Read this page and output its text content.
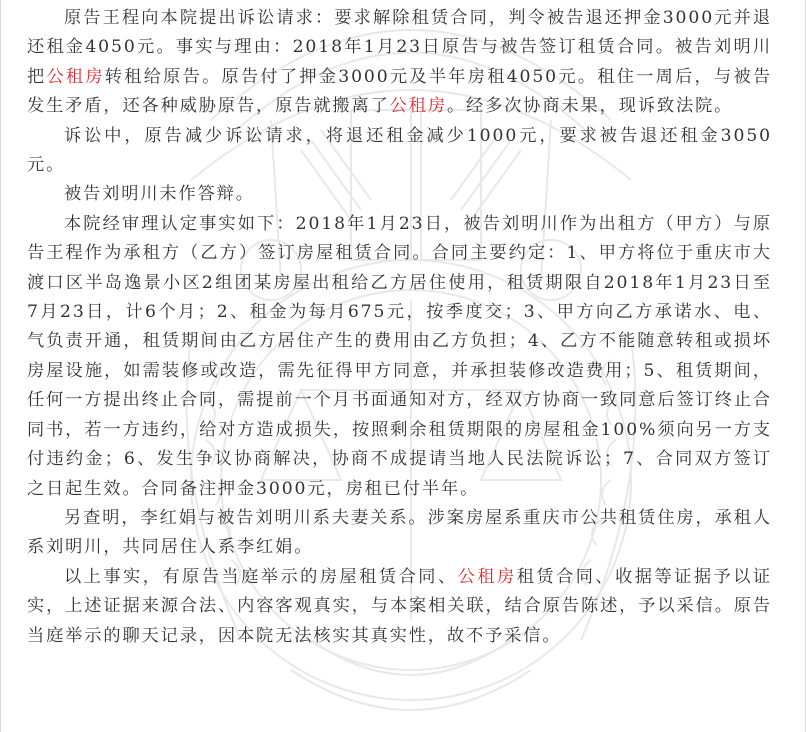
原告王程向本院提出诉讼请求：要求解除租赁合同，判令被告退还押金3000元并退还租金4050元。事实与理由：2018年1月23日原告与被告签订租赁合同。被告刘明川把公租房转租给原告。原告付了押金3000元及半年房租4050元。租住一周后，与被告发生矛盾，还各种威胁原告，原告就搬离了公租房。经多次协商未果，现诉致法院。

诉讼中，原告减少诉讼请求，将退还租金减少1000元，要求被告退还租金3050元。

被告刘明川未作答辩。

本院经审理认定事实如下：2018年1月23日，被告刘明川作为出租方（甲方）与原告王程作为承租方（乙方）签订房屋租赁合同。合同主要约定：1、甲方将位于重庆市大渡口区半岛逸景小区2组团某房屋出租给乙方居住使用，租赁期限自2018年1月23日至7月23日，计6个月；2、租金为每月675元，按季度交；3、甲方向乙方承诺水、电、气负责开通，租赁期间由乙方居住产生的费用由乙方负担；4、乙方不能随意转租或损坏房屋设施，如需装修或改造，需先征得甲方同意，并承担装修改造费用；5、租赁期间，任何一方提出终止合同，需提前一个月书面通知对方，经双方协商一致同意后签订终止合同书，若一方违约，给对方造成损失，按照剩余租赁期限的房屋租金100%须向另一方支付违约金；6、发生争议协商解决，协商不成提请当地人民法院诉讼；7、合同双方签订之日起生效。合同备注押金3000元，房租已付半年。

另查明，李红娟与被告刘明川系夫妻关系。涉案房屋系重庆市公共租赁住房，承租人系刘明川，共同居住人系李红娟。

以上事实，有原告当庭举示的房屋租赁合同、公租房租赁合同、收据等证据予以证实，上述证据来源合法、内容客观真实，与本案相关联，结合原告陈述，予以采信。原告当庭举示的聊天记录，因本院无法核实其真实性，故不予采信。
